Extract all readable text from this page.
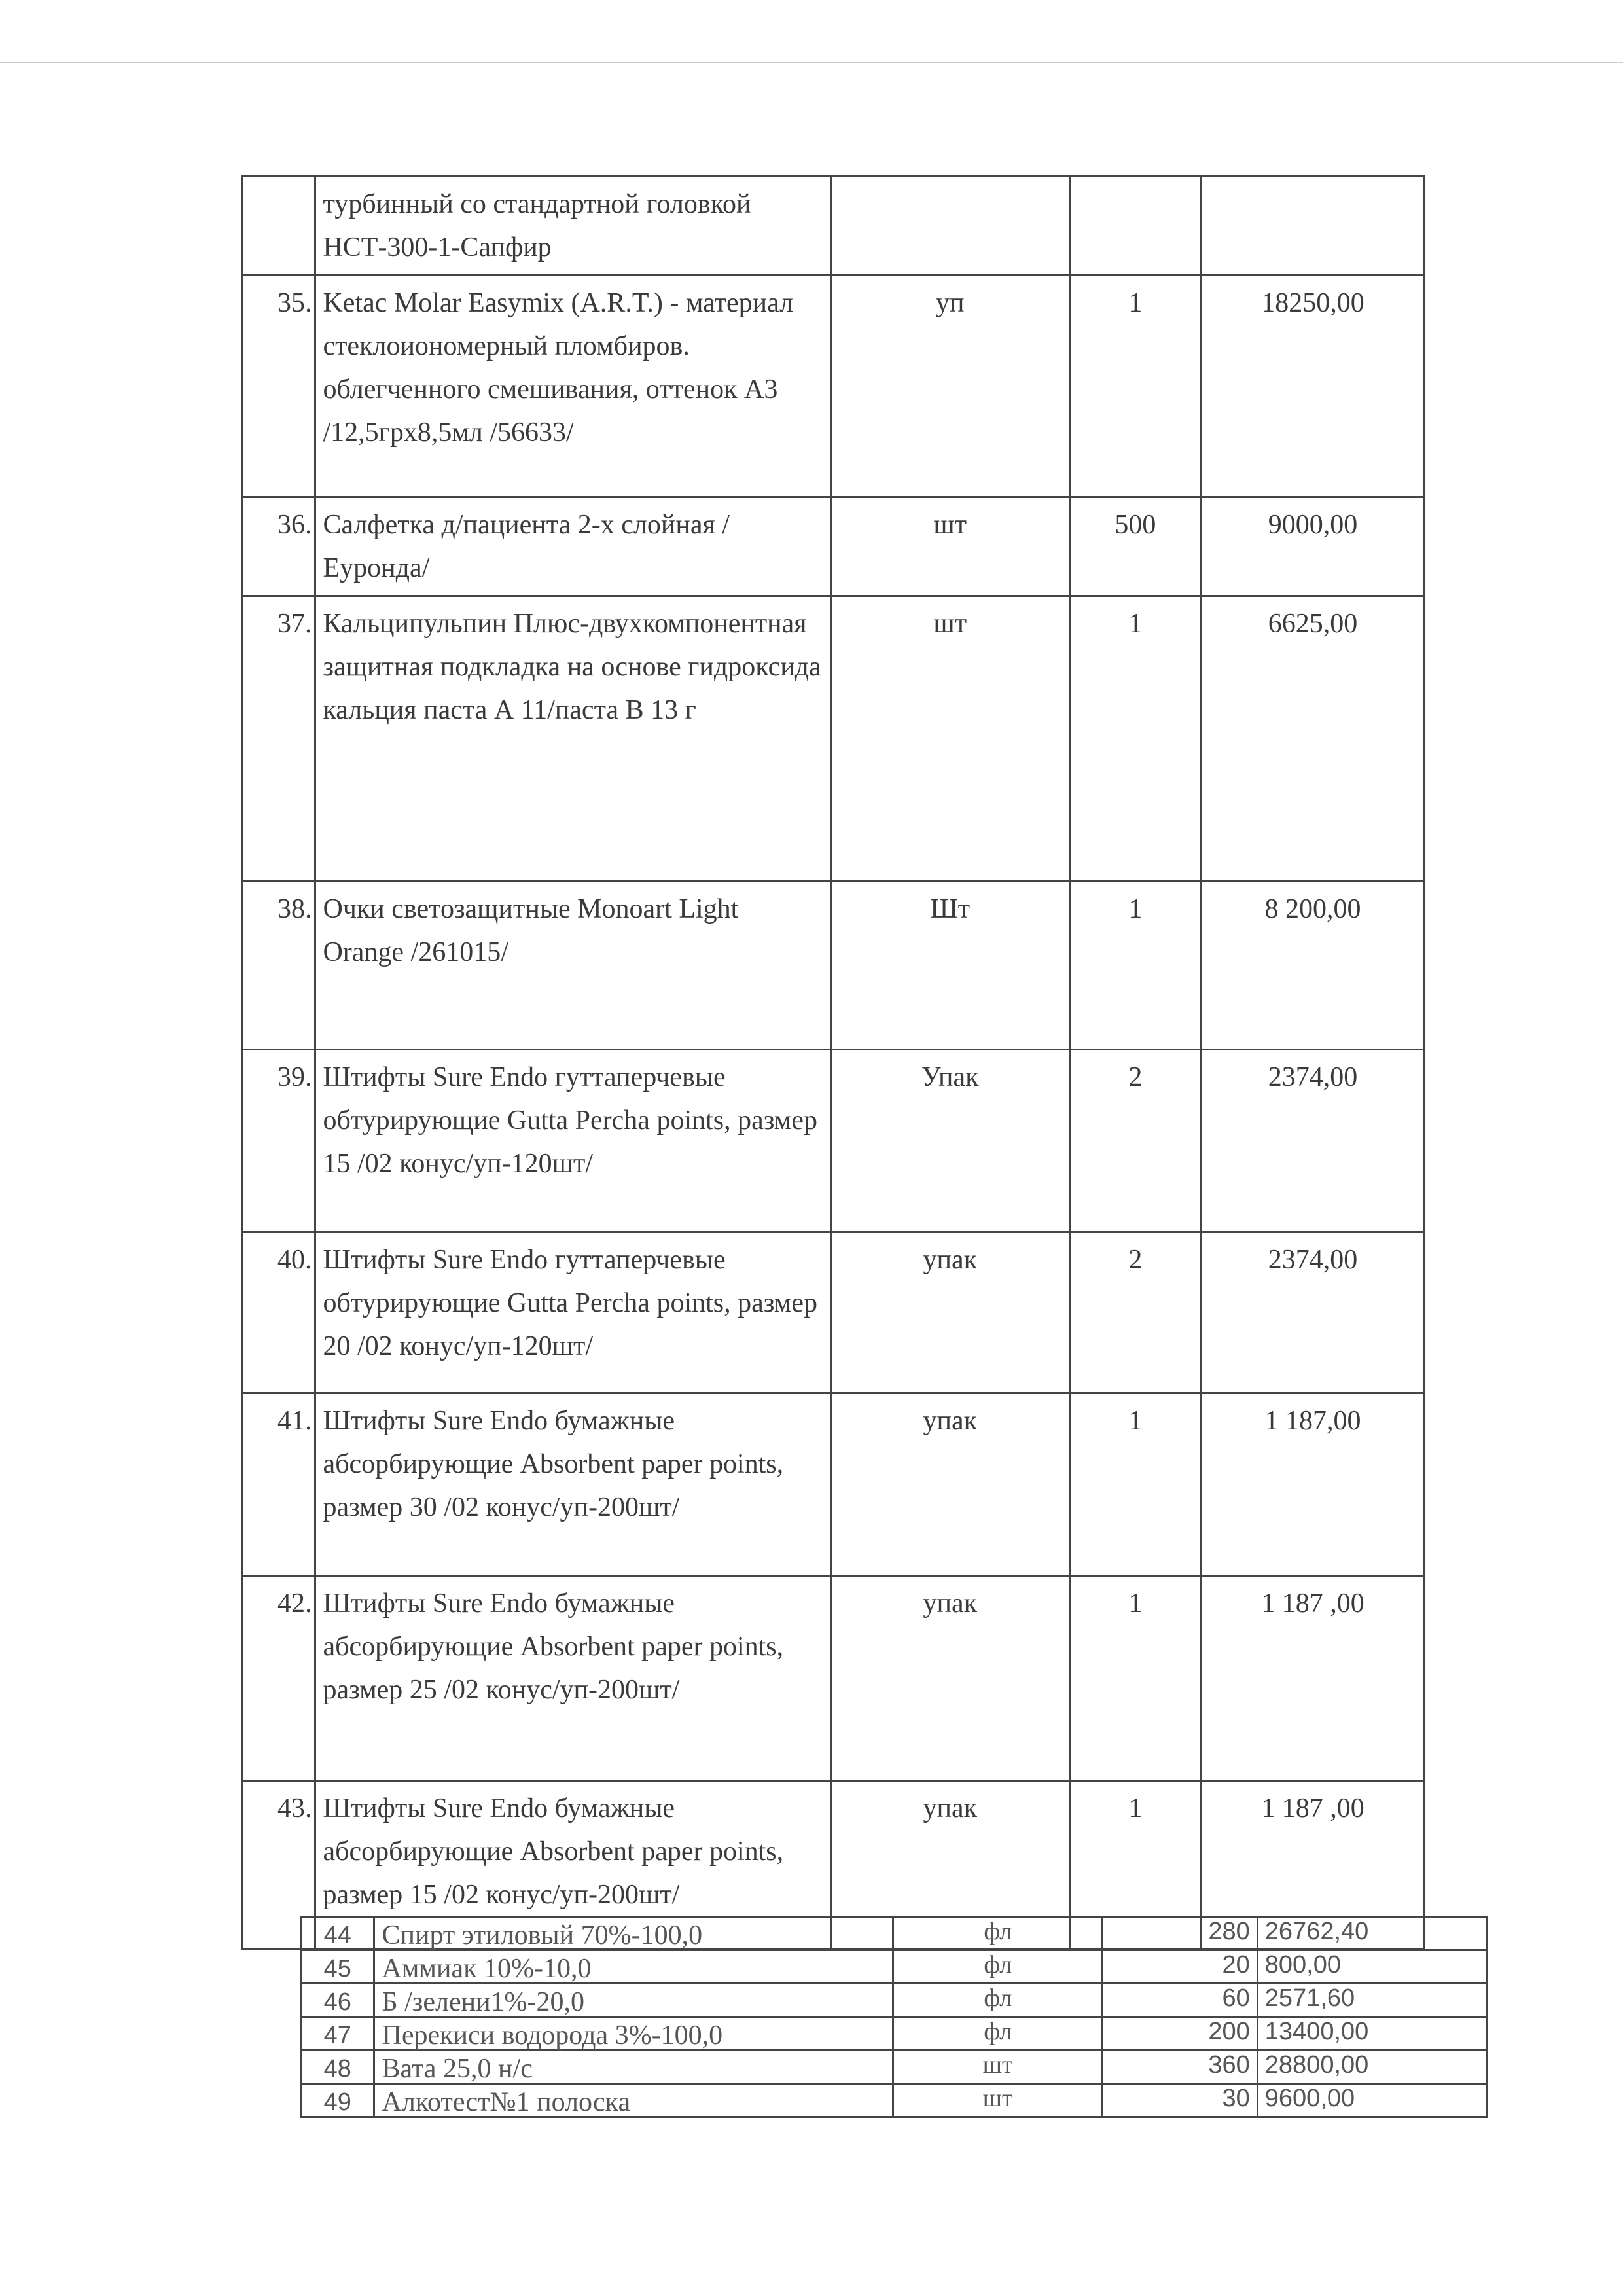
	турбинный со стандартной головкой НСТ-300-1-Сапфир			
35.	Ketac Molar Easymix (A.R.T.) - материал стеклоиономерный пломбиров. облегченного смешивания, оттенок А3 /12,5грх8,5мл /56633/	уп	1	18250,00
36.	Салфетка д/пациента 2-х слойная /Еуронда/	шт	500	9000,00
37.	Кальципульпин Плюс-двухкомпонентная защитная подкладка на основе гидроксида кальция паста А 11/паста В 13 г	шт	1	6625,00
38.	Очки светозащитные Monoart Light Orange /261015/	Шт	1	8 200,00
39.	Штифты Sure Endo гуттаперчевые обтурирующие Gutta Percha points, размер 15 /02 конус/уп-120шт/	Упак	2	2374,00
40.	Штифты Sure Endo гуттаперчевые обтурирующие Gutta Percha points, размер 20 /02 конус/уп-120шт/	упак	2	2374,00
41.	Штифты Sure Endo бумажные абсорбирующие Absorbent paper points, размер 30 /02 конус/уп-200шт/	упак	1	1 187,00
42.	Штифты Sure Endo бумажные абсорбирующие Absorbent paper points, размер 25 /02 конус/уп-200шт/	упак	1	1 187 ,00
43.	Штифты Sure Endo бумажные абсорбирующие Absorbent paper points, размер 15 /02 конус/уп-200шт/	упак	1	1 187 ,00
44	Спирт этиловый 70%-100,0	фл	280	26762,40
45	Аммиак 10%-10,0	фл	20	800,00
46	Б /зелени1%-20,0	фл	60	2571,60
47	Перекиси водорода 3%-100,0	фл	200	13400,00
48	Вата 25,0 н/с	шт	360	28800,00
49	Алкотест№1 полоска	шт	30	9600,00
